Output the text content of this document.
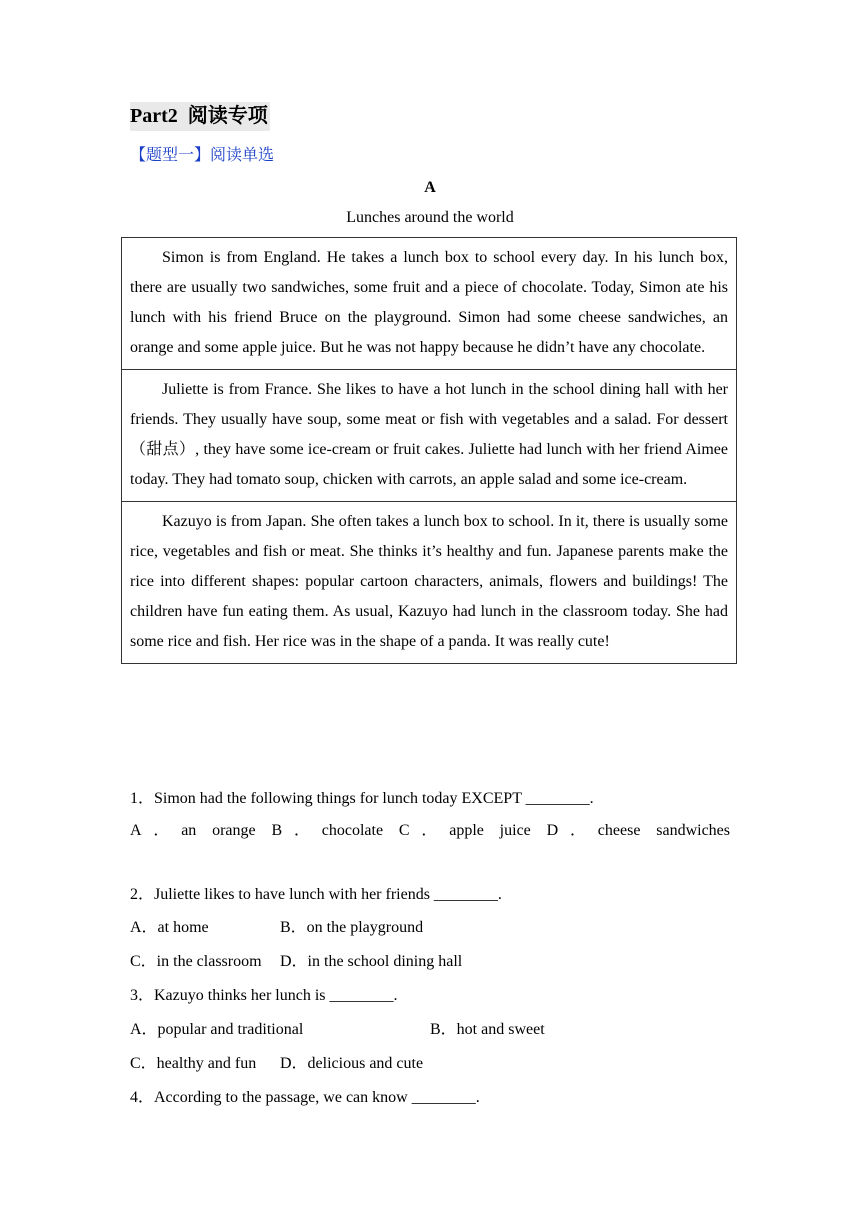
Part2 阅读专项
【题型一】阅读单选
A
Lunches around the world
Simon is from England. He takes a lunch box to school every day. In his lunch box, there are usually two sandwiches, some fruit and a piece of chocolate. Today, Simon ate his lunch with his friend Bruce on the playground. Simon had some cheese sandwiches, an orange and some apple juice. But he was not happy because he didn’t have any chocolate.
Juliette is from France. She likes to have a hot lunch in the school dining hall with her friends. They usually have soup, some meat or fish with vegetables and a salad. For dessert（甜点）, they have some ice-cream or fruit cakes. Juliette had lunch with her friend Aimee today. They had tomato soup, chicken with carrots, an apple salad and some ice-cream.
Kazuyo is from Japan. She often takes a lunch box to school. In it, there is usually some rice, vegetables and fish or meat. She thinks it’s healthy and fun. Japanese parents make the rice into different shapes: popular cartoon characters, animals, flowers and buildings! The children have fun eating them. As usual, Kazuyo had lunch in the classroom today. She had some rice and fish. Her rice was in the shape of a panda. It was really cute!
1．Simon had the following things for lunch today EXCEPT ________.
A．an orange B．chocolate C．apple juice D．cheese sandwiches
2．Juliette likes to have lunch with her friends ________.
A．at home	B．on the playground
C．in the classroom D．in the school dining hall
3．Kazuyo thinks her lunch is ________.
A．popular and traditional	B．hot and sweet
C．healthy and fun D．delicious and cute
4．According to the passage, we can know ________.
